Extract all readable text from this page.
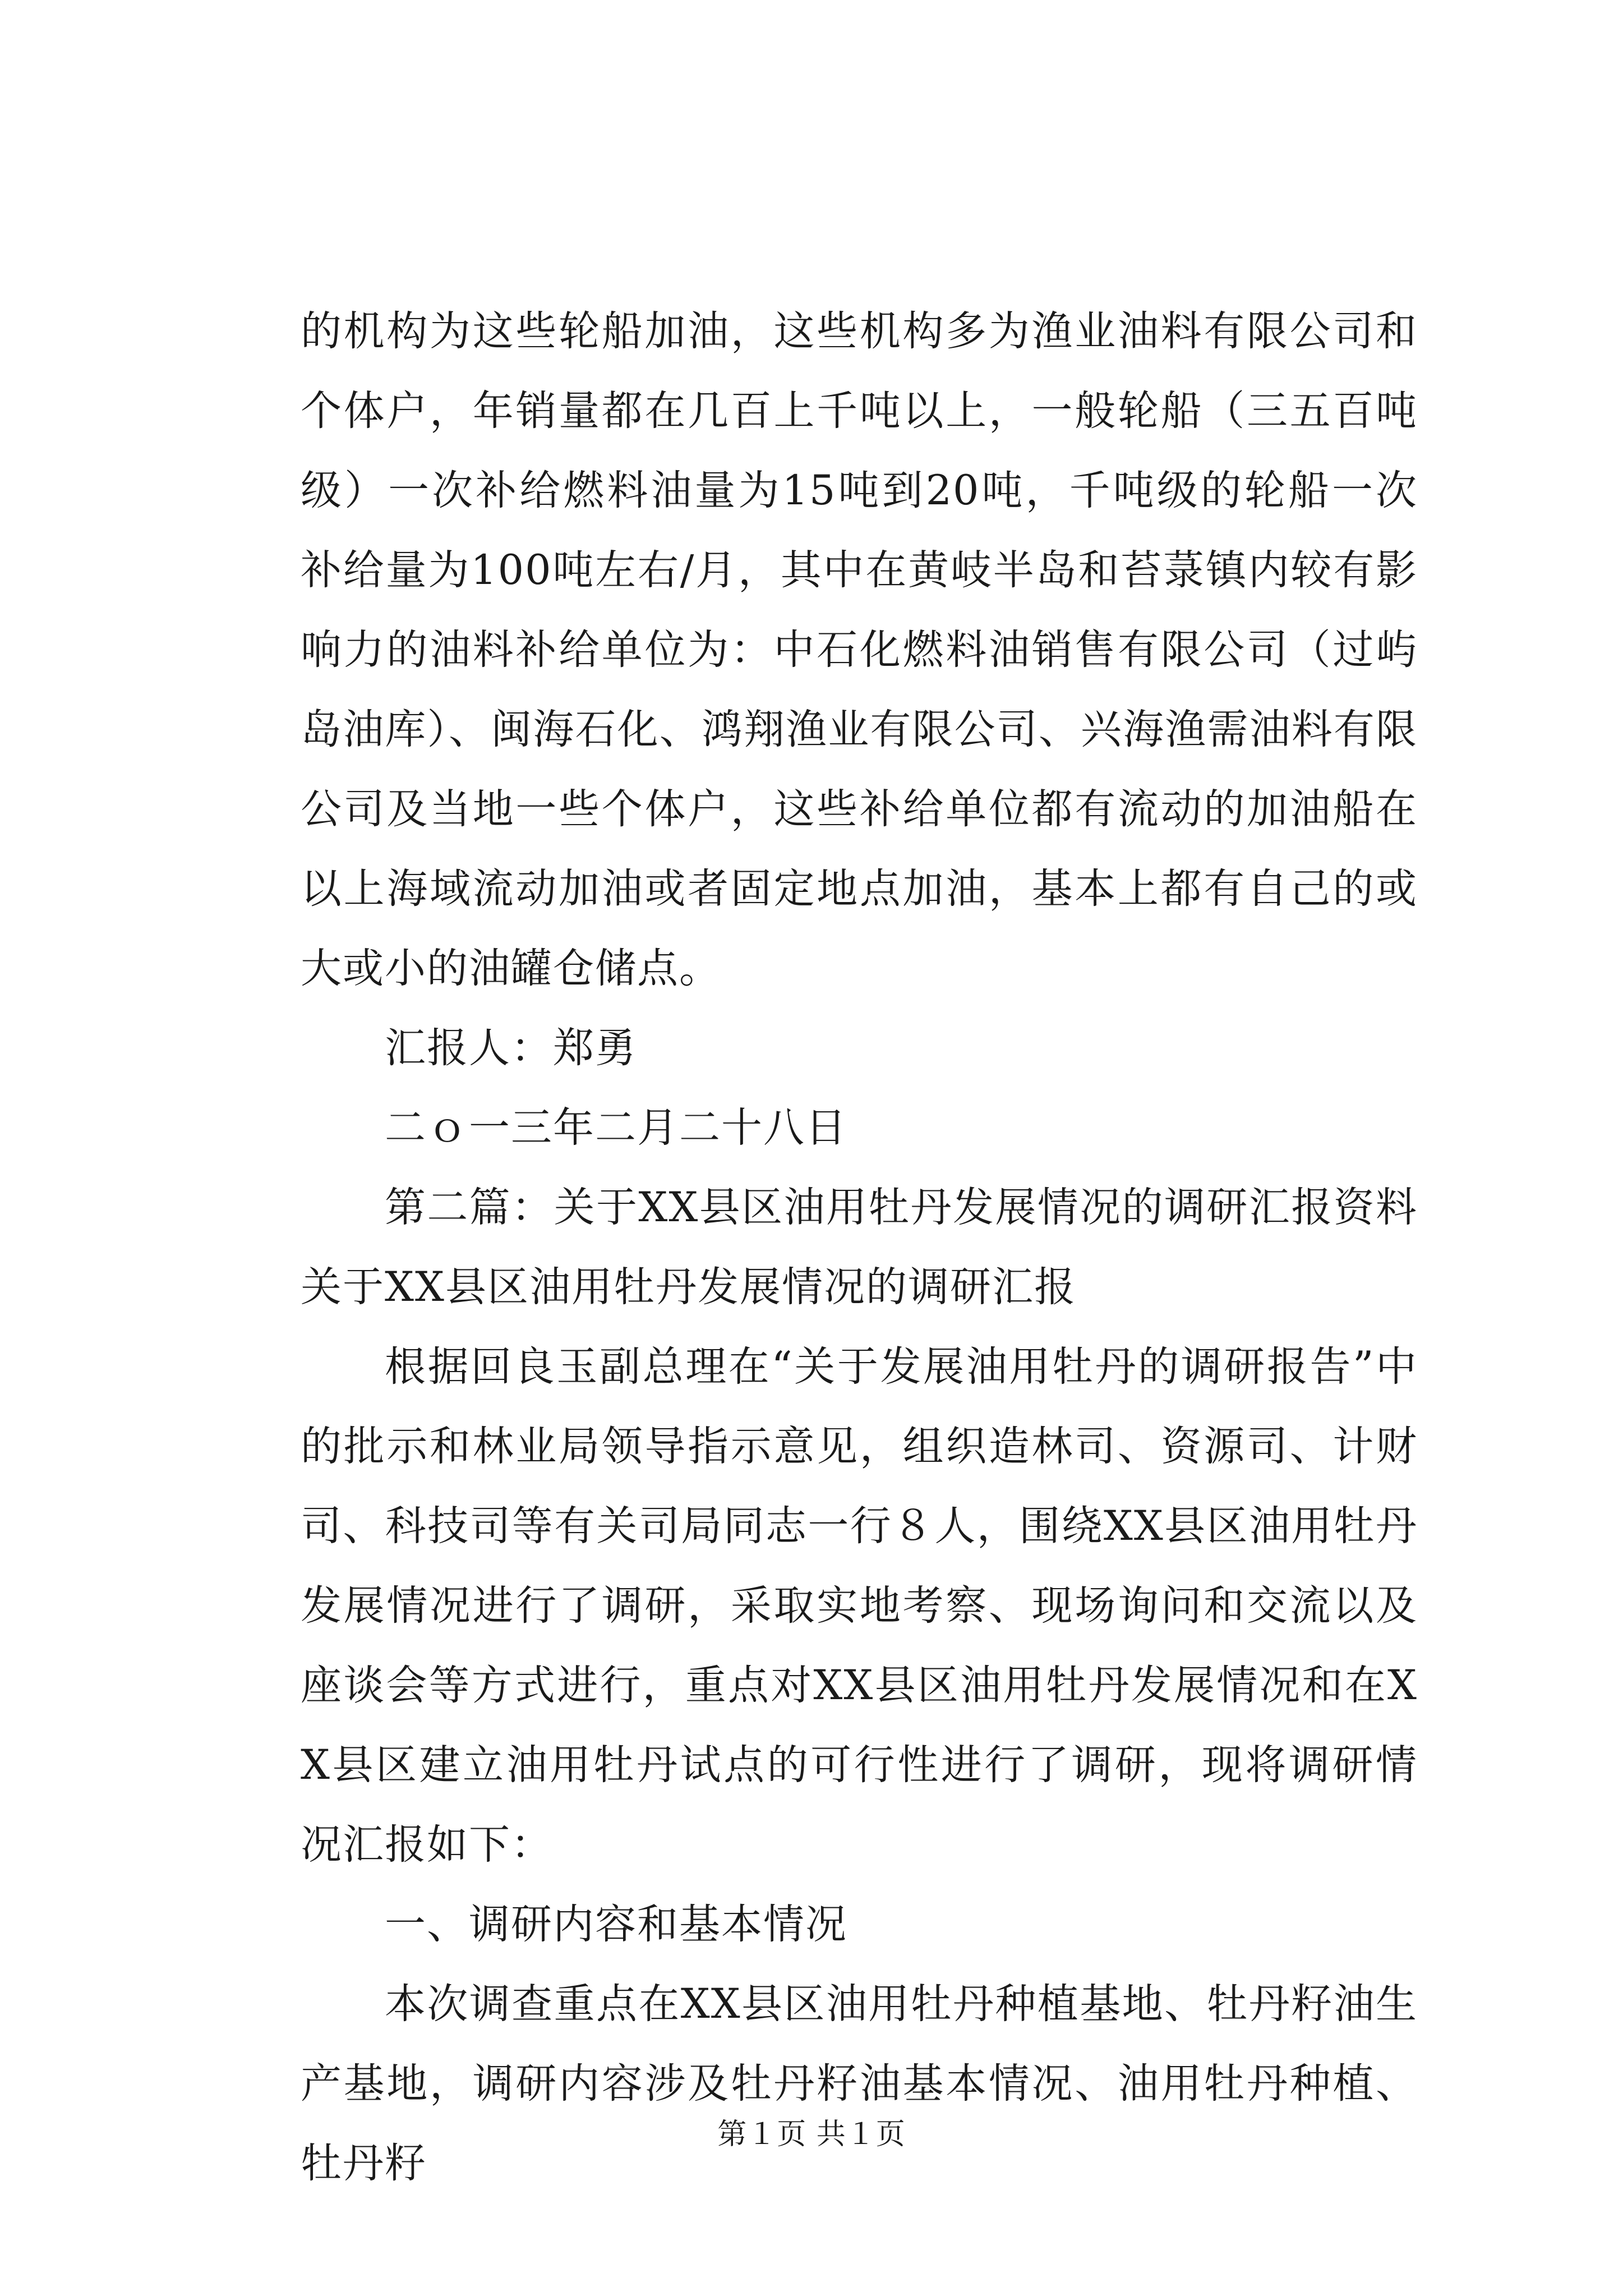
的机构为这些轮船加油，这些机构多为渔业油料有限公司和个体户，年销量都在几百上千吨以上，一般轮船（三五百吨级）一次补给燃料油量为15吨到20吨，千吨级的轮船一次补给量为100吨左右/月，其中在黄岐半岛和苔菉镇内较有影响力的油料补给单位为：中石化燃料油销售有限公司（过屿岛油库）、闽海石化、鸿翔渔业有限公司、兴海渔需油料有限公司及当地一些个体户，这些补给单位都有流动的加油船在以上海域流动加油或者固定地点加油，基本上都有自己的或大或小的油罐仓储点。

汇报人：郑勇

二ｏ一三年二月二十八日

第二篇：关于XX县区油用牡丹发展情况的调研汇报资料关于XX县区油用牡丹发展情况的调研汇报

根据回良玉副总理在“关于发展油用牡丹的调研报告”中的批示和林业局领导指示意见，组织造林司、资源司、计财司、科技司等有关司局同志一行８人，围绕XX县区油用牡丹发展情况进行了调研，采取实地考察、现场询问和交流以及座谈会等方式进行，重点对XX县区油用牡丹发展情况和在XX县区建立油用牡丹试点的可行性进行了调研，现将调研情况汇报如下：

一、调研内容和基本情况

本次调查重点在XX县区油用牡丹种植基地、牡丹籽油生产基地，调研内容涉及牡丹籽油基本情况、油用牡丹种植、牡丹籽

第１页 共１页
